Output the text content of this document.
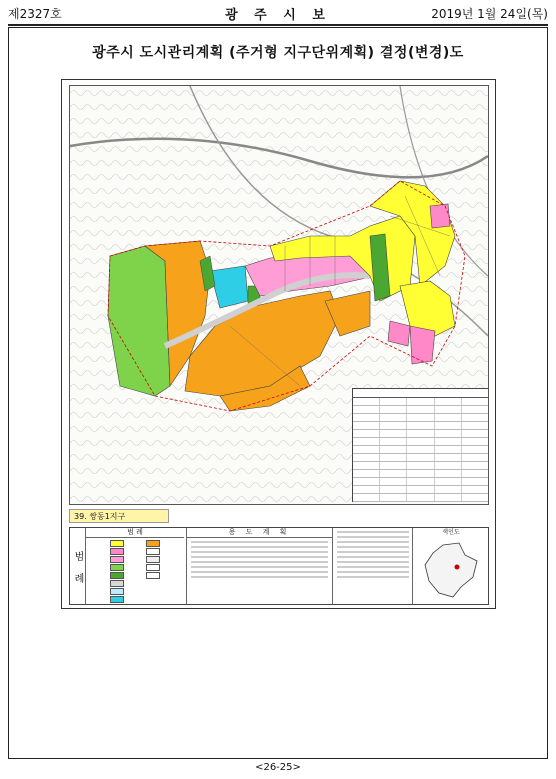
제2327호	광 주 시 보	2019년 1월 24일(목)
광주시 도시관리계획 (주거형 지구단위계획) 결정(변경)도
39. 쌍동1지구
범례
범 례	용 도 계 획	색인도
<26-25>
